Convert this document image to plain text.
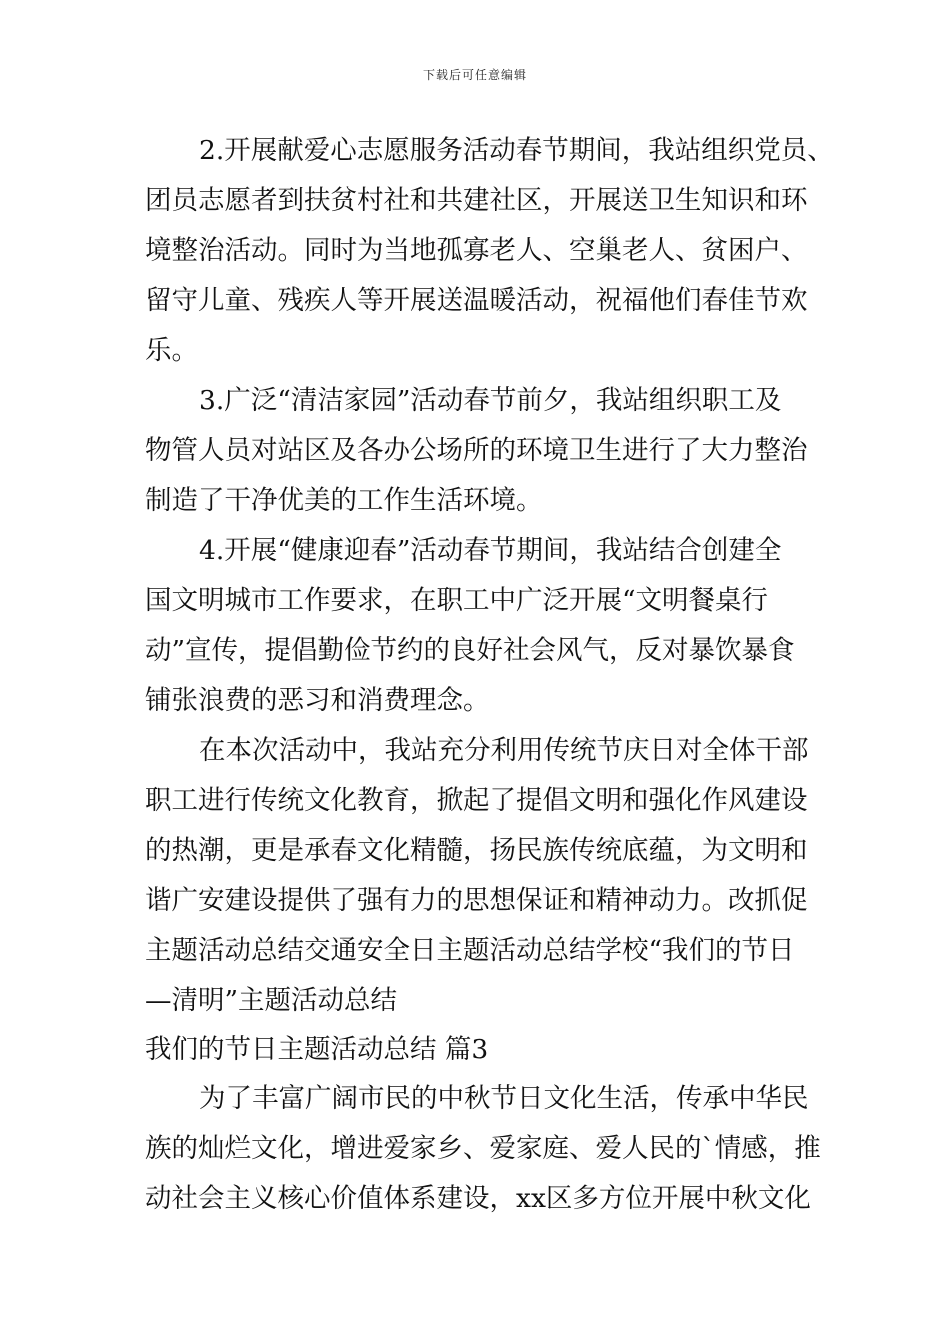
下载后可任意编辑
2.开展献爱心志愿服务活动春节期间，我站组织党员、
团员志愿者到扶贫村社和共建社区，开展送卫生知识和环
境整治活动。同时为当地孤寡老人、空巢老人、贫困户、
留守儿童、残疾人等开展送温暖活动，祝福他们春佳节欢
乐。
3.广泛“清洁家园”活动春节前夕，我站组织职工及
物管人员对站区及各办公场所的环境卫生进行了大力整治
制造了干净优美的工作生活环境。
4.开展“健康迎春”活动春节期间，我站结合创建全
国文明城市工作要求，在职工中广泛开展“文明餐桌行
动”宣传，提倡勤俭节约的良好社会风气，反对暴饮暴食
铺张浪费的恶习和消费理念。
在本次活动中，我站充分利用传统节庆日对全体干部
职工进行传统文化教育，掀起了提倡文明和强化作风建设
的热潮，更是承春文化精髓，扬民族传统底蕴，为文明和
谐广安建设提供了强有力的思想保证和精神动力。改抓促
主题活动总结交通安全日主题活动总结学校“我们的节日
—清明”主题活动总结
我们的节日主题活动总结 篇3
为了丰富广阔市民的中秋节日文化生活，传承中华民
族的灿烂文化，增进爱家乡、爱家庭、爱人民的`情感，推
动社会主义核心价值体系建设，xx区多方位开展中秋文化
